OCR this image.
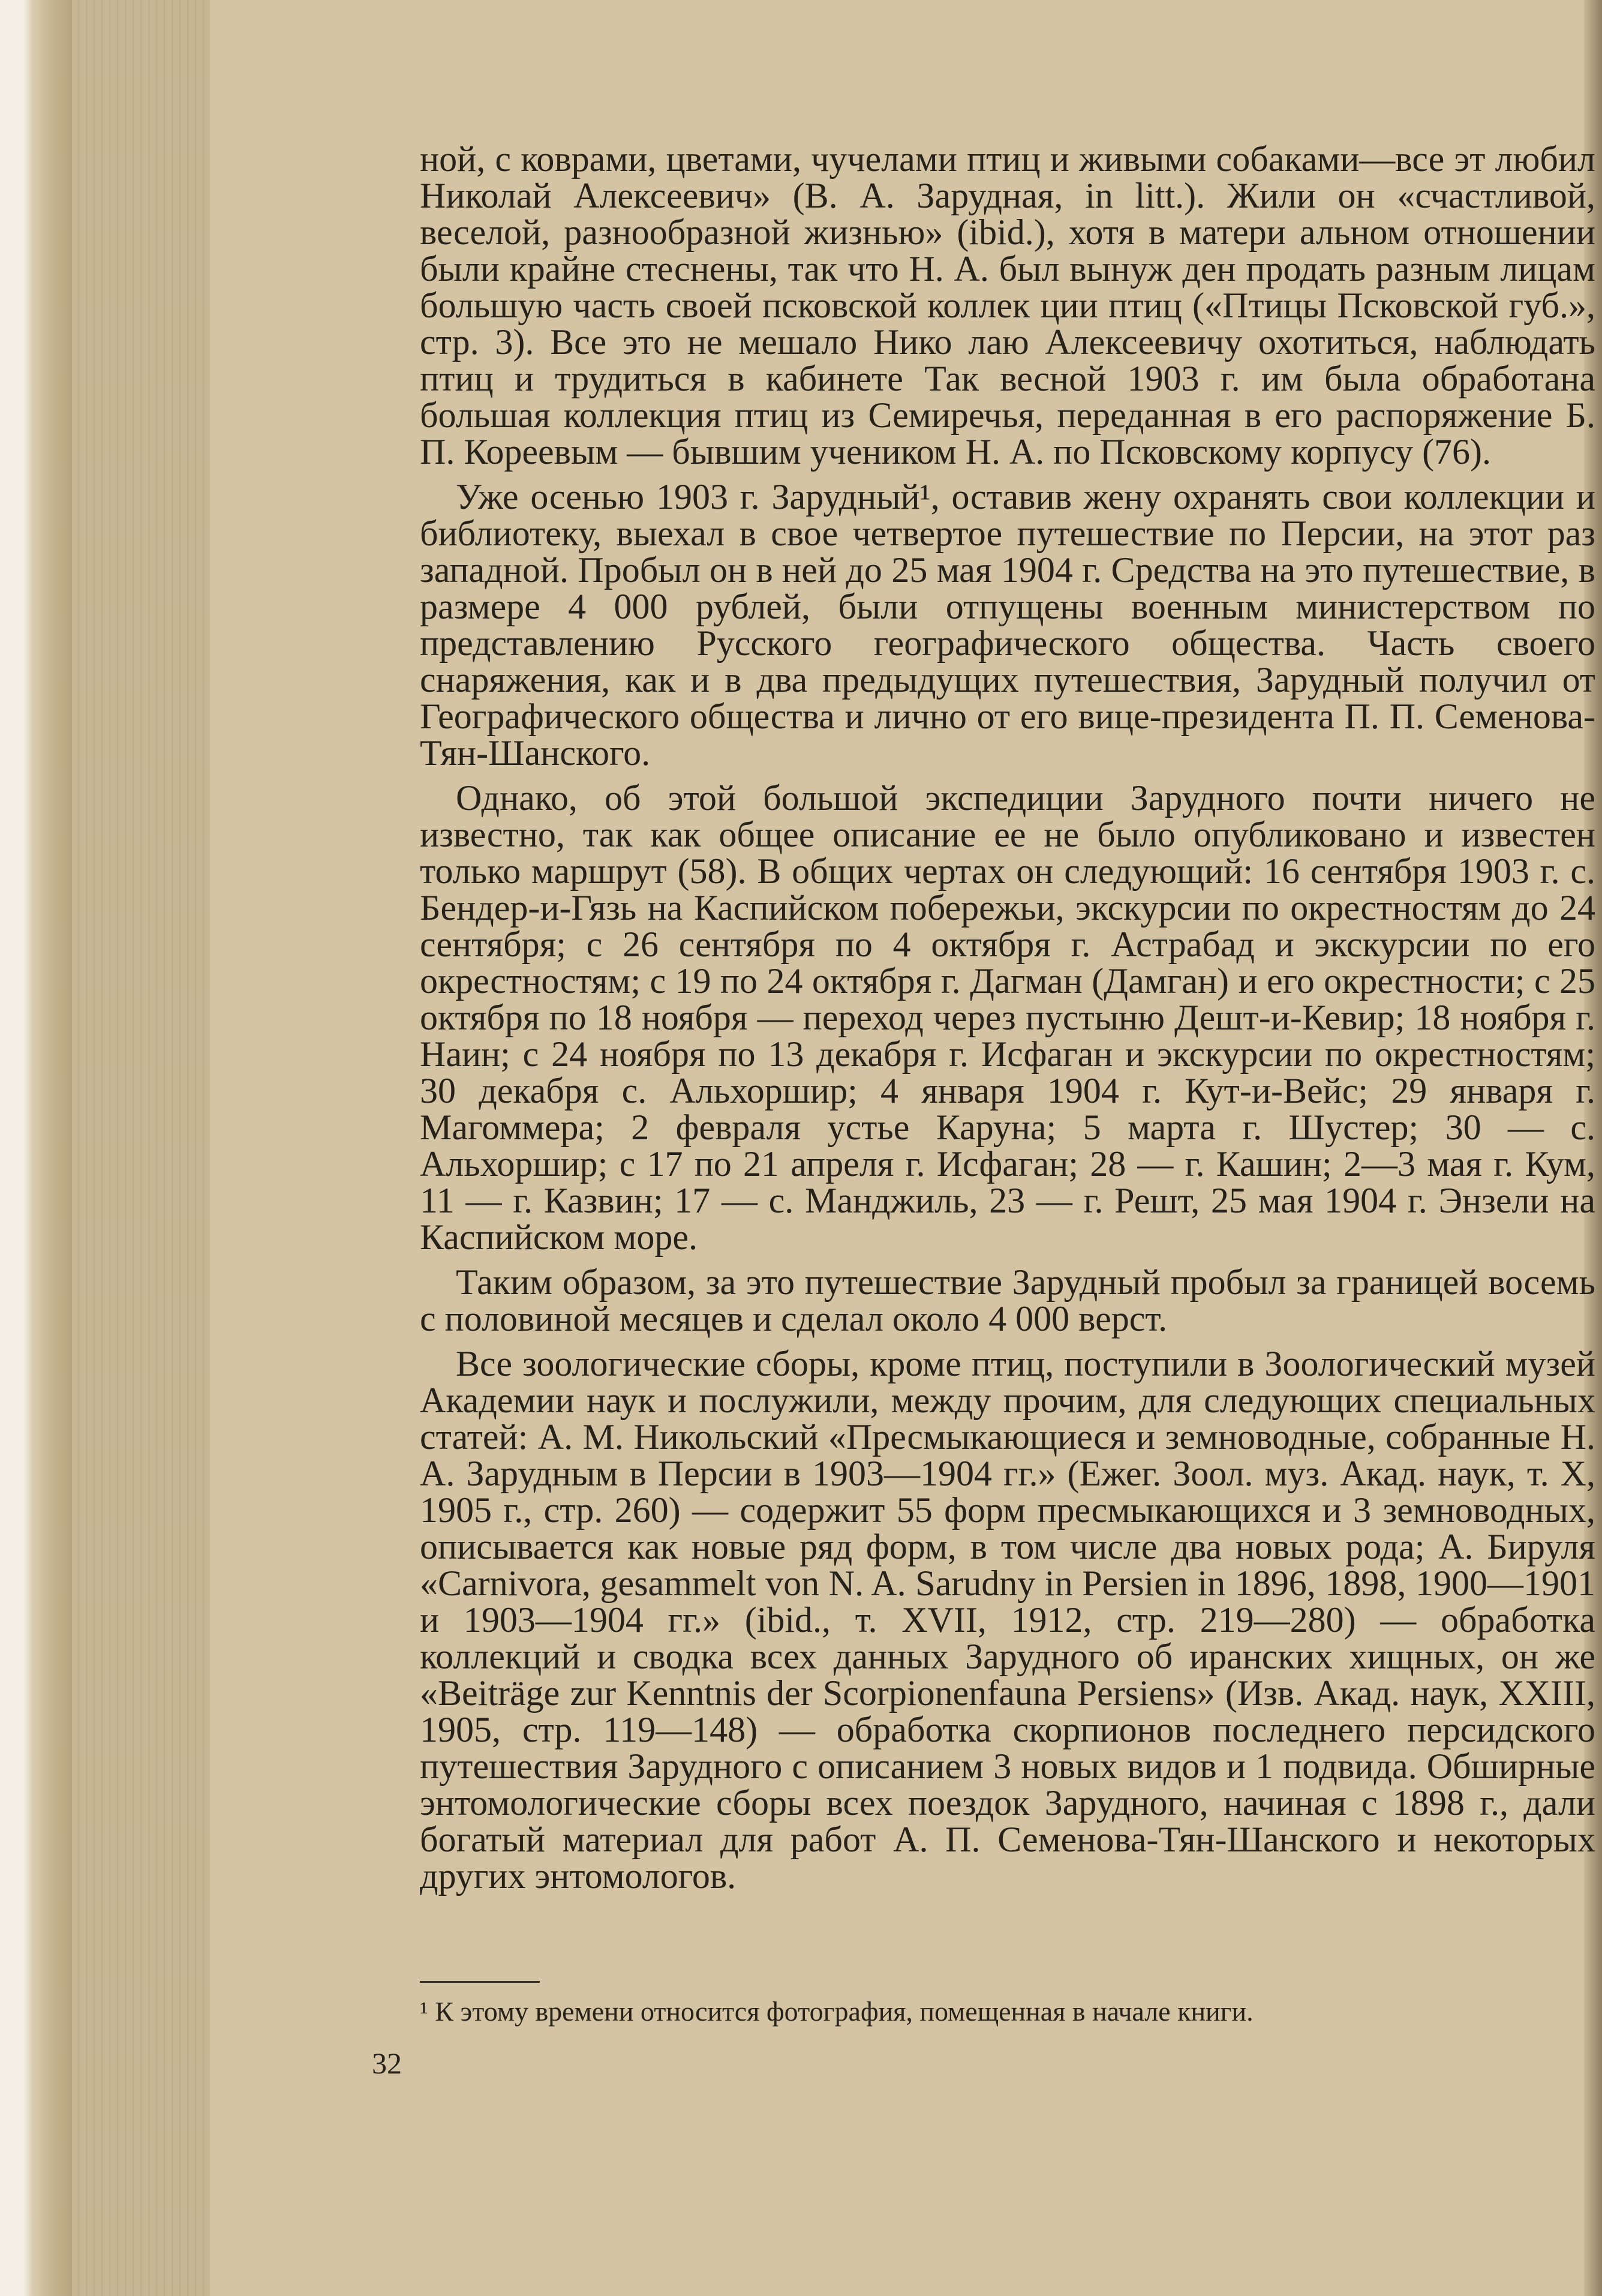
ной, с коврами, цветами, чучелами птиц и живыми собаками—все эт любил Николай Алексеевич» (В. А. Зарудная, in litt.). Жили он «счастливой, веселой, разнообразной жизнью» (ibid.), хотя в матери альном отношении были крайне стеснены, так что Н. А. был вынуж ден продать разным лицам большую часть своей псковской коллек ции птиц («Птицы Псковской губ.», стр. 3). Все это не мешало Нико лаю Алексеевичу охотиться, наблюдать птиц и трудиться в кабинете Так весной 1903 г. им была обработана большая коллекция птиц из Семиречья, переданная в его распоряжение Б. П. Кореевым — бывшим учеником Н. А. по Псковскому корпусу (76).

Уже осенью 1903 г. Зарудный¹, оставив жену охранять свои коллекции и библиотеку, выехал в свое четвертое путешествие по Персии, на этот раз западной. Пробыл он в ней до 25 мая 1904 г. Средства на это путешествие, в размере 4 000 рублей, были отпущены военным министерством по представлению Русского географического общества. Часть своего снаряжения, как и в два предыдущих путешествия, Зарудный получил от Географического общества и лично от его вице-президента П. П. Семенова-Тян-Шанского.

Однако, об этой большой экспедиции Зарудного почти ничего не известно, так как общее описание ее не было опубликовано и известен только маршрут (58). В общих чертах он следующий: 16 сентября 1903 г. с. Бендер-и-Гязь на Каспийском побережьи, экскурсии по окрестностям до 24 сентября; с 26 сентября по 4 октября г. Астрабад и экскурсии по его окрестностям; с 19 по 24 октября г. Дагман (Дамган) и его окрестности; с 25 октября по 18 ноября — переход через пустыню Дешт-и-Кевир; 18 ноября г. Наин; с 24 ноября по 13 декабря г. Исфаган и экскурсии по окрестностям; 30 декабря с. Альхоршир; 4 января 1904 г. Кут-и-Вейс; 29 января г. Магоммера; 2 февраля устье Каруна; 5 марта г. Шустер; 30 — с. Альхоршир; с 17 по 21 апреля г. Исфаган; 28 — г. Кашин; 2—3 мая г. Кум, 11 — г. Казвин; 17 — с. Манджиль, 23 — г. Решт, 25 мая 1904 г. Энзели на Каспийском море.

Таким образом, за это путешествие Зарудный пробыл за границей восемь с половиной месяцев и сделал около 4 000 верст.

Все зоологические сборы, кроме птиц, поступили в Зоологический музей Академии наук и послужили, между прочим, для следующих специальных статей: А. М. Никольский «Пресмыкающиеся и земноводные, собранные Н. А. Зарудным в Персии в 1903—1904 гг.» (Ежег. Зоол. муз. Акад. наук, т. X, 1905 г., стр. 260) — содержит 55 форм пресмыкающихся и 3 земноводных, описывается как новые ряд форм, в том числе два новых рода; А. Бируля «Carnivora, gesammelt von N. A. Sarudny in Persien in 1896, 1898, 1900—1901 и 1903—1904 гг.» (ibid., т. XVII, 1912, стр. 219—280) — обработка коллекций и сводка всех данных Зарудного об иранских хищных, он же «Beiträge zur Kenntnis der Scorpionenfauna Persiens» (Изв. Акад. наук, XXIII, 1905, стр. 119—148) — обработка скорпионов последнего персидского путешествия Зарудного с описанием 3 новых видов и 1 подвида. Обширные энтомологические сборы всех поездок Зарудного, начиная с 1898 г., дали богатый материал для работ А. П. Семенова-Тян-Шанского и некоторых других энтомологов.

¹ К этому времени относится фотография, помещенная в начале книги.
32
